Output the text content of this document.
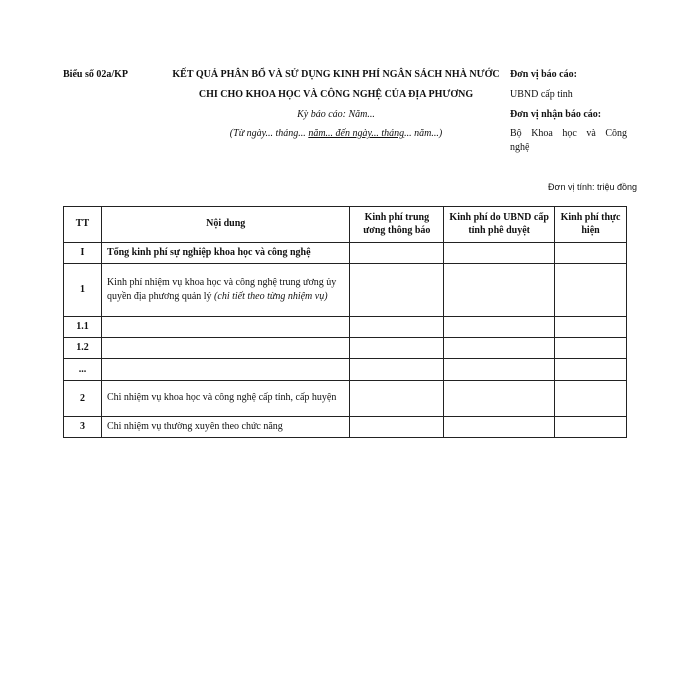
Biểu số 02a/KP	KẾT QUẢ PHÂN BỔ VÀ SỬ DỤNG KINH PHÍ NGÂN SÁCH NHÀ NƯỚC
CHI CHO KHOA HỌC VÀ CÔNG NGHỆ CỦA ĐỊA PHƯƠNG
Kỳ báo cáo: Năm...
(Từ ngày... tháng... năm... đến ngày... tháng... năm...)
Đơn vị báo cáo:
UBND cấp tỉnh
Đơn vị nhận báo cáo:
Bộ Khoa học và Công
nghệ
Đơn vị tính: triệu đồng
TT	Nội dung	Kinh phí trung ương thông báo	Kinh phí do UBND cấp tỉnh phê duyệt	Kinh phí thực hiện
I	Tổng kinh phí sự nghiệp khoa học và công nghệ			
1	Kinh phí nhiệm vụ khoa học và công nghệ trung ương ủy quyền địa phương quản lý (chi tiết theo từng nhiệm vụ)			
1.1				
1.2				
...				
2	Chi nhiệm vụ khoa học và công nghệ cấp tỉnh, cấp huyện			
3	Chi nhiệm vụ thường xuyên theo chức năng			
